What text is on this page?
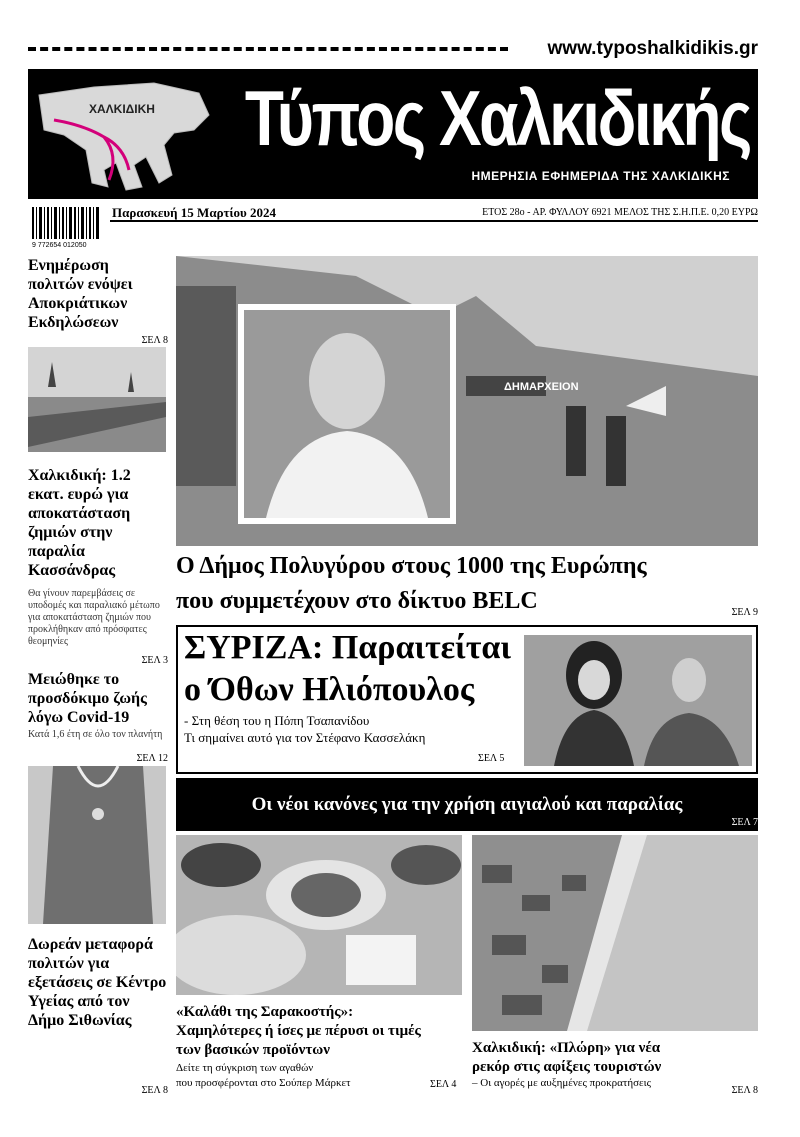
www.typoshalkidikis.gr
ΧΑΛΚΙΔΙΚΗ Τύπος Χαλκιδικής
ΗΜΕΡΗΣΙΑ ΕΦΗΜΕΡΙΔΑ ΤΗΣ ΧΑΛΚΙΔΙΚΗΣ
9 772654 012050
Παρασκευή 15 Μαρτίου 2024	ΕΤΟΣ 28ο - ΑΡ. ΦΥΛΛΟΥ 6921 ΜΕΛΟΣ ΤΗΣ Σ.Η.Π.Ε. 0,20 ΕΥΡΩ
Ενημέρωση πολιτών ενόψει Αποκριάτικων Εκδηλώσεων
ΣΕΛ 8
Χαλκιδική: 1.2 εκατ. ευρώ για αποκατάσταση ζημιών στην παραλία Κασσάνδρας
Θα γίνουν παρεμβάσεις σε υποδομές και παραλιακό μέτωπο για αποκατάσταση ζημιών που προκλήθηκαν από πρόσφατες θεομηνίες
ΣΕΛ 3
Μειώθηκε το προσδόκιμο ζωής λόγω Covid-19
Κατά 1,6 έτη σε όλο τον πλανήτη
ΣΕΛ 12
Δωρεάν μεταφορά πολιτών για εξετάσεις σε Κέντρο Υγείας από τον Δήμο Σιθωνίας
ΣΕΛ 8
ΔΗΜΑΡΧΕΙΟΝ
Ο Δήμος Πολυγύρου στους 1000 της Ευρώπης
που συμμετέχουν στο δίκτυο BELC	ΣΕΛ 9
ΣΥΡΙΖΑ: Παραιτείται
ο Όθων Ηλιόπουλος
- Στη θέση του η Πόπη Τσαπανίδου
Τι σημαίνει αυτό για τον Στέφανο Κασσελάκη
ΣΕΛ 5
Οι νέοι κανόνες για την χρήση αιγιαλού και παραλίας
ΣΕΛ 7
«Καλάθι της Σαρακοστής»:
Χαμηλότερες ή ίσες με πέρυσι οι τιμές
των βασικών προϊόντων
Δείτε τη σύγκριση των αγαθών
που προσφέρονται στο Σούπερ Μάρκετ	ΣΕΛ 4
Χαλκιδική: «Πλώρη» για νέα
ρεκόρ στις αφίξεις τουριστών
– Οι αγορές με αυξημένες προκρατήσεις
ΣΕΛ 8
